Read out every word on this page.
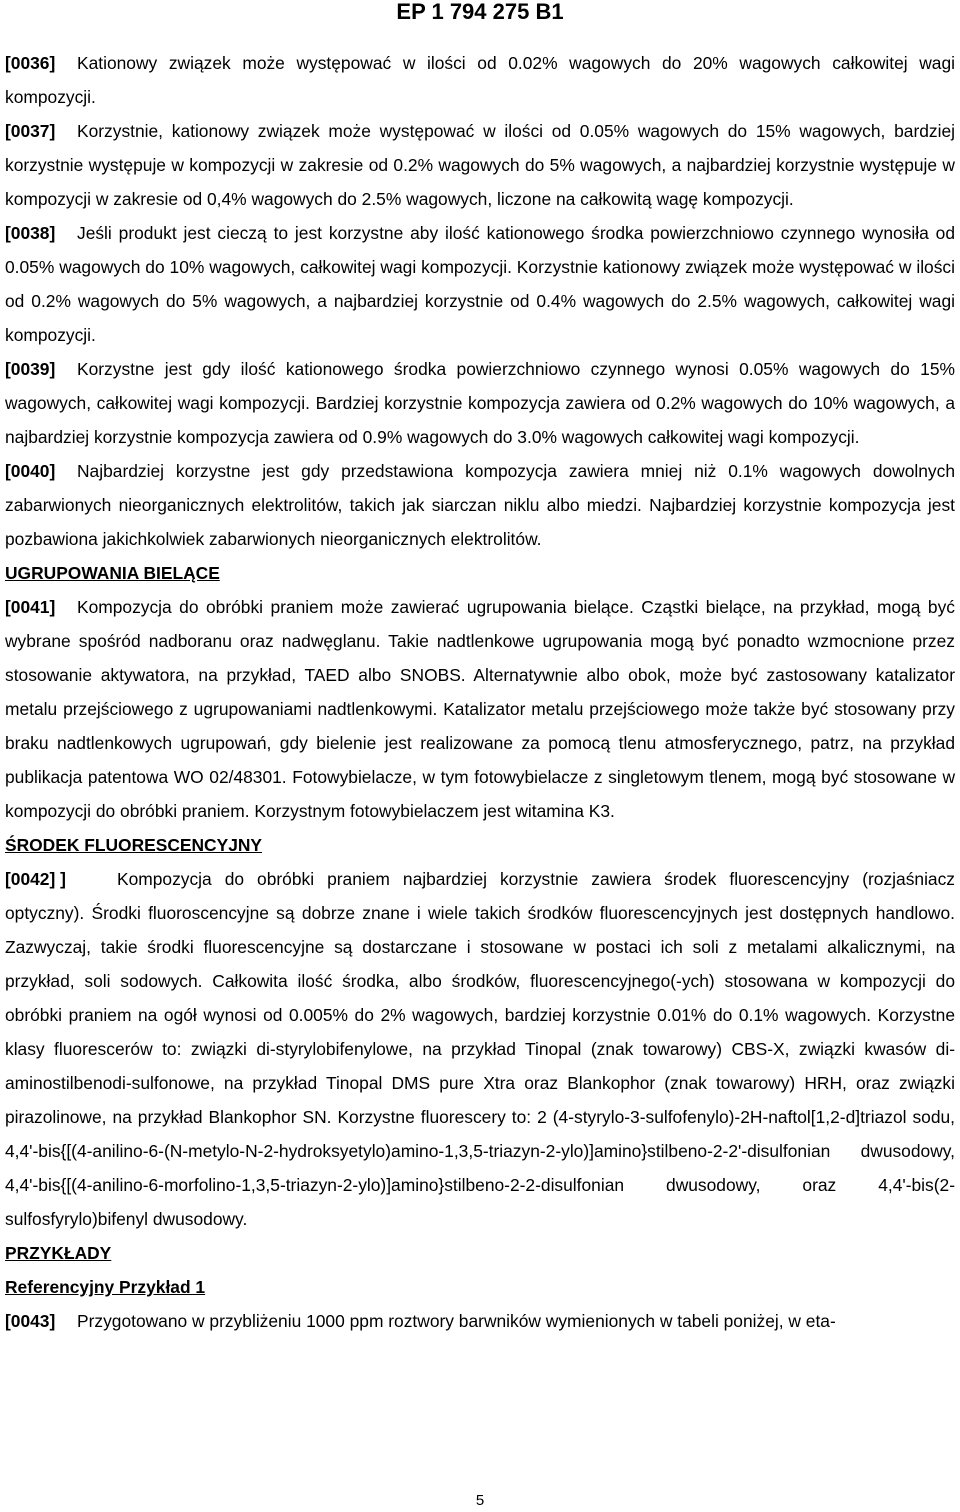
EP 1 794 275 B1

[0036] Kationowy związek może występować w ilości od 0.02% wagowych do 20% wagowych całkowitej wagi kompozycji.

[0037] Korzystnie, kationowy związek może występować w ilości od 0.05% wagowych do 15% wagowych, bardziej korzystnie występuje w kompozycji w zakresie od 0.2% wagowych do 5% wagowych, a najbardziej korzystnie występuje w kompozycji w zakresie od 0,4% wagowych do 2.5% wagowych, liczone na całkowitą wagę kompozycji.

[0038] Jeśli produkt jest cieczą to jest korzystne aby ilość kationowego środka powierzchniowo czynnego wynosiła od 0.05% wagowych do 10% wagowych, całkowitej wagi kompozycji. Korzystnie kationowy związek może występować w ilości od 0.2% wagowych do 5% wagowych, a najbardziej korzystnie od 0.4% wagowych do 2.5% wagowych, całkowitej wagi kompozycji.

[0039] Korzystne jest gdy ilość kationowego środka powierzchniowo czynnego wynosi 0.05% wagowych do 15% wagowych, całkowitej wagi kompozycji. Bardziej korzystnie kompozycja zawiera od 0.2% wagowych do 10% wagowych, a najbardziej korzystnie kompozycja zawiera od 0.9% wagowych do 3.0% wagowych całkowitej wagi kompozycji.

[0040] Najbardziej korzystne jest gdy przedstawiona kompozycja zawiera mniej niż 0.1% wagowych dowolnych zabarwionych nieorganicznych elektrolitów, takich jak siarczan niklu albo miedzi. Najbardziej korzystnie kompozycja jest pozbawiona jakichkolwiek zabarwionych nieorganicznych elektrolitów.

UGRUPOWANIA BIELĄCE

[0041] Kompozycja do obróbki praniem może zawierać ugrupowania bielące. Cząstki bielące, na przykład, mogą być wybrane spośród nadboranu oraz nadwęglanu. Takie nadtlenkowe ugrupowania mogą być ponadto wzmocnione przez stosowanie aktywatora, na przykład, TAED albo SNOBS. Alternatywnie albo obok, może być zastosowany katalizator metalu przejściowego z ugrupowaniami nadtlenkowymi. Katalizator metalu przejściowego może także być stosowany przy braku nadtlenkowych ugrupowań, gdy bielenie jest realizowane za pomocą tlenu atmosferycznego, patrz, na przykład publikacja patentowa WO 02/48301. Fotowybielacze, w tym fotowybielacze z singletowym tlenem, mogą być stosowane w kompozycji do obróbki praniem. Korzystnym fotowybielaczem jest witamina K3.

ŚRODEK FLUORESCENCYJNY

[0042] ]	Kompozycja do obróbki praniem najbardziej korzystnie zawiera środek fluorescencyjny (rozjaśniacz optyczny). Środki fluoroscencyjne są dobrze znane i wiele takich środków fluorescencyjnych jest dostępnych handlowo. Zazwyczaj, takie środki fluorescencyjne są dostarczane i stosowane w postaci ich soli z metalami alkalicznymi, na przykład, soli sodowych. Całkowita ilość środka, albo środków, fluorescencyjnego(-ych) stosowana w kompozycji do obróbki praniem na ogół wynosi od 0.005% do 2% wagowych, bardziej korzystnie 0.01% do 0.1% wagowych. Korzystne klasy fluorescerów to: związki di-styrylobifenylowe, na przykład Tinopal (znak towarowy) CBS-X, związki kwasów di-aminostilbenodi-sulfonowe, na przykład Tinopal DMS pure Xtra oraz Blankophor (znak towarowy) HRH, oraz związki pirazolinowe, na przykład Blankophor SN. Korzystne fluorescery to: 2 (4-styrylo-3-sulfofenylo)-2H-naftol[1,2-d]triazol sodu, 4,4'-bis{[(4-anilino-6-(N-metylo-N-2-hydroksyetylo)amino-1,3,5-triazyn-2-ylo)]amino}stilbeno-2-2'-disulfonian dwusodowy, 4,4'-bis{[(4-anilino-6-morfolino-1,3,5-triazyn-2-ylo)]amino}stilbeno-2-2-disulfonian dwusodowy, oraz 4,4'-bis(2-sulfosfyrylo)bifenyl dwusodowy.

PRZYKŁADY

Referencyjny Przykład 1

[0043] Przygotowano w przybliżeniu 1000 ppm roztwory barwników wymienionych w tabeli poniżej, w eta-

5
